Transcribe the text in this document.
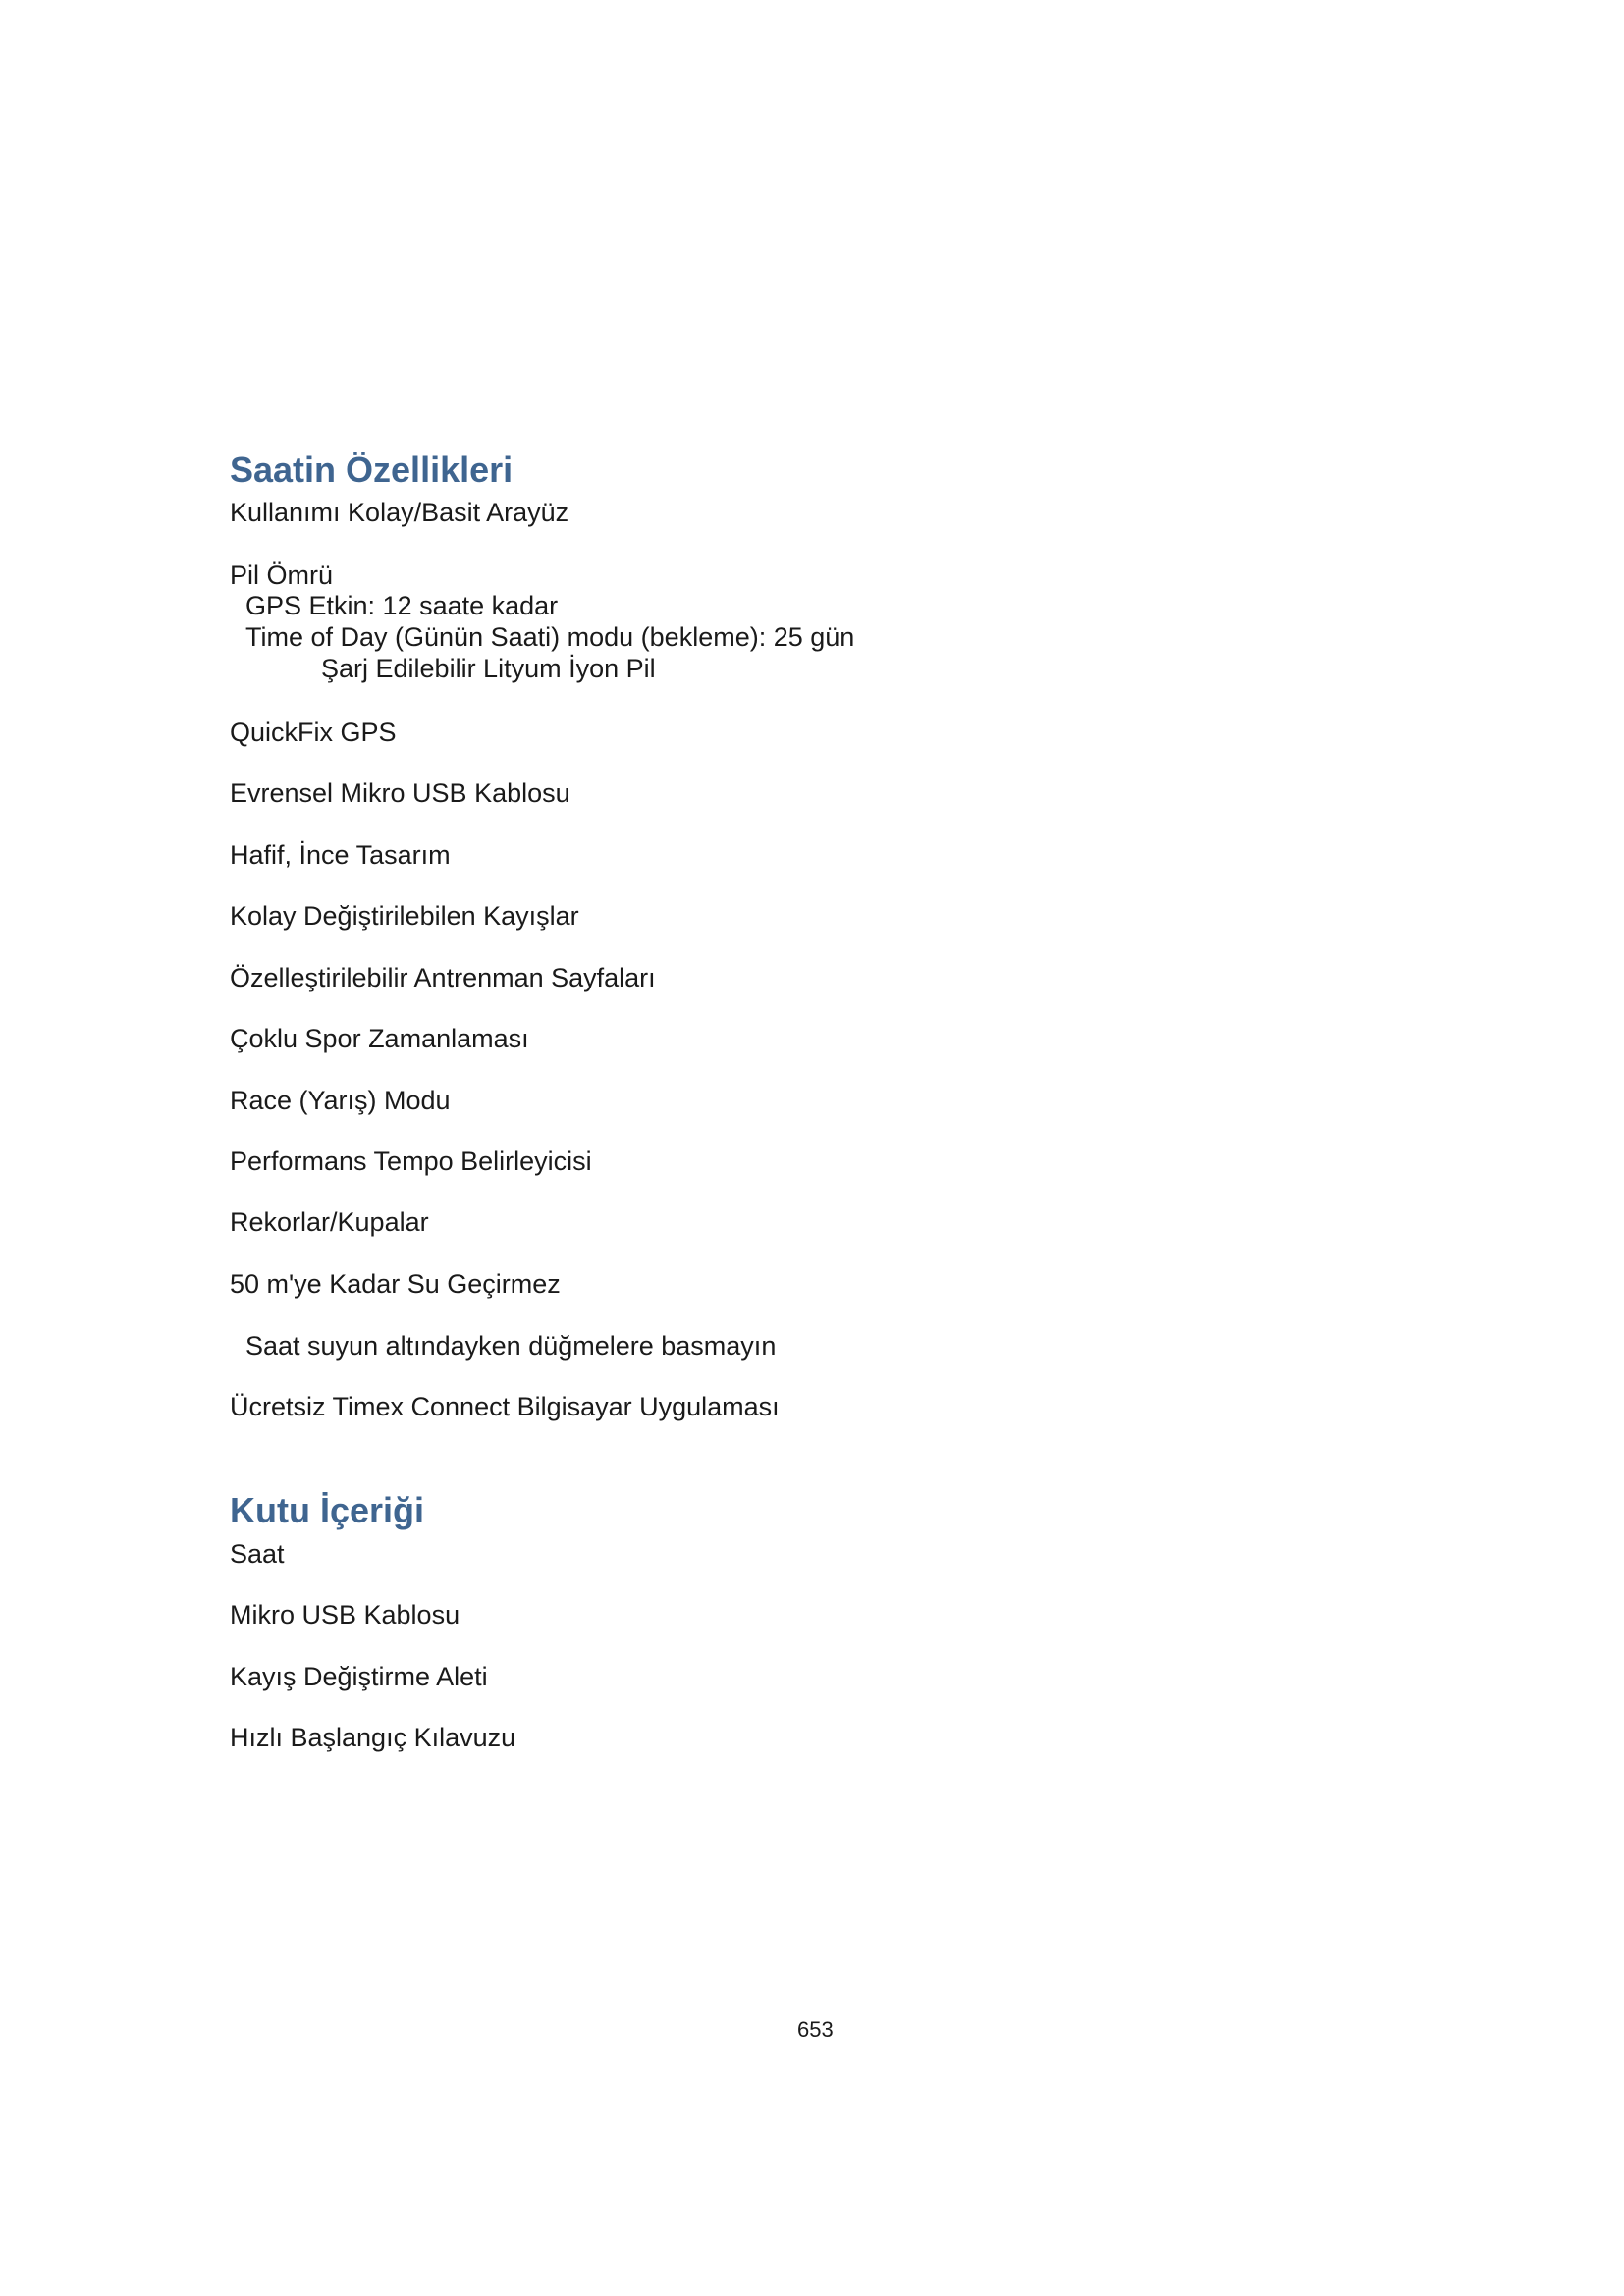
Saatin Özellikleri

Kullanımı Kolay/Basit Arayüz

Pil Ömrü

GPS Etkin: 12 saate kadar

Time of Day (Günün Saati) modu (bekleme): 25 gün

Şarj Edilebilir Lityum İyon Pil

QuickFix GPS

Evrensel Mikro USB Kablosu

Hafif, İnce Tasarım

Kolay Değiştirilebilen Kayışlar

Özelleştirilebilir Antrenman Sayfaları

Çoklu Spor Zamanlaması

Race (Yarış) Modu

Performans Tempo Belirleyicisi

Rekorlar/Kupalar

50 m'ye Kadar Su Geçirmez

Saat suyun altındayken düğmelere basmayın

Ücretsiz Timex Connect Bilgisayar Uygulaması

Kutu İçeriği

Saat

Mikro USB Kablosu

Kayış Değiştirme Aleti

Hızlı Başlangıç Kılavuzu

653
